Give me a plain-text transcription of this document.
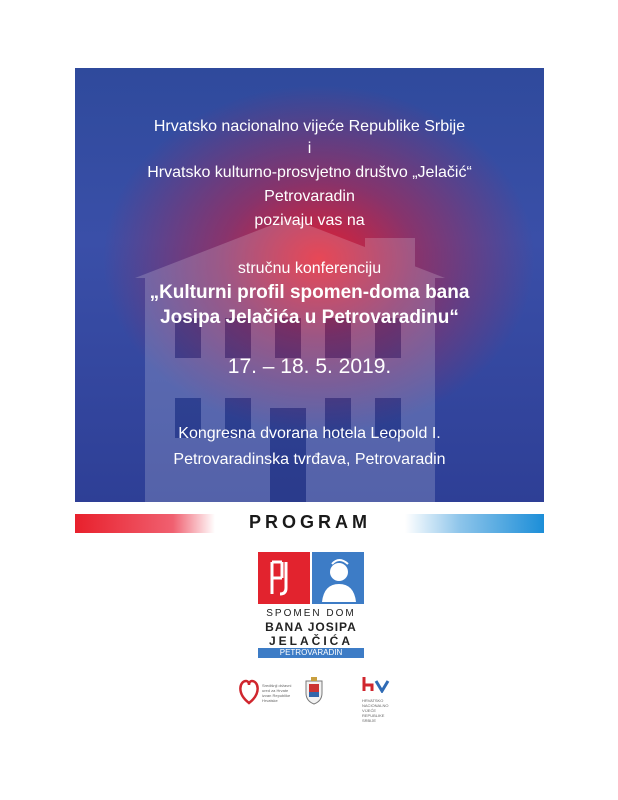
Hrvatsko nacionalno vijeće Republike Srbije
i
Hrvatsko kulturno-prosvjetno društvo „Jelačić“
Petrovaradin
pozivaju vas na
stručnu konferenciju
„Kulturni profil spomen-doma bana
Josipa Jelačića u Petrovaradinu“
17. – 18. 5. 2019.
Kongresna dvorana hotela Leopold I.
Petrovaradinska tvrđava, Petrovaradin
PROGRAM
SPOMEN DOM
BANA JOSIPA
JELAČIĆA
PETROVARADIN
Središnji državni ured za Hrvate izvan Republike Hrvatske	HRVATSKO NACIONALNO VIJEĆE REPUBLIKE SRBIJE
